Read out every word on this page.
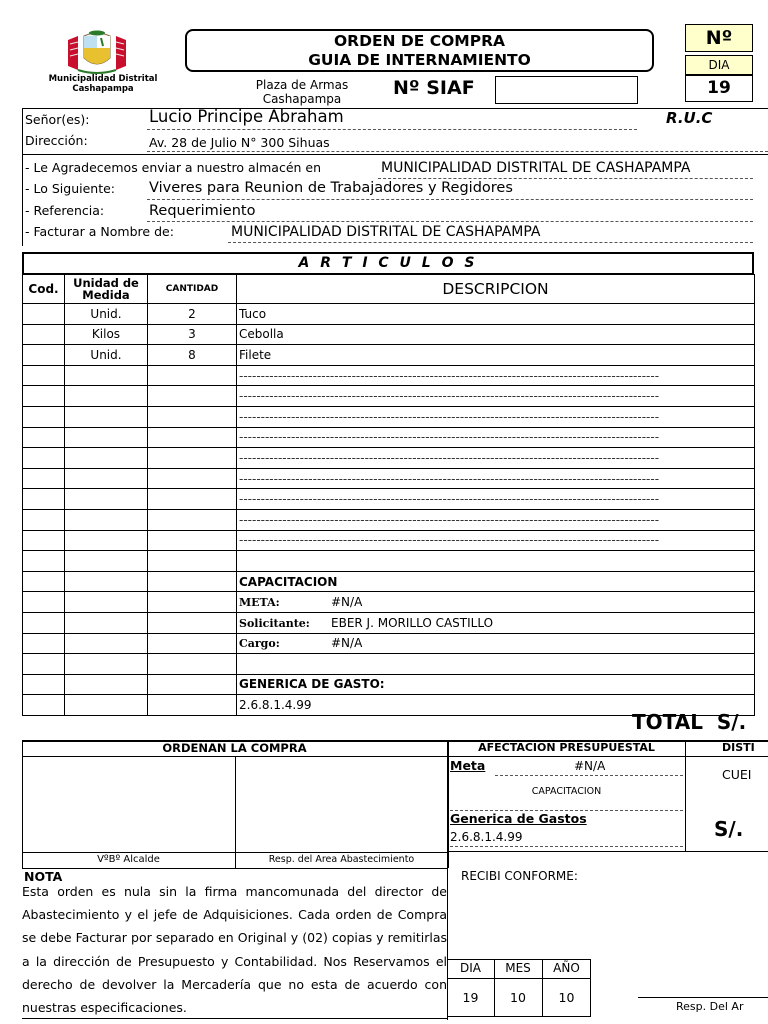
Municipalidad Distrital
Cashapampa
ORDEN DE COMPRA
GUIA DE INTERNAMIENTO
Plaza de Armas
Cashapampa	Nº SIAF
Nº
DIA
19
Señor(es):	Lucio Principe Abraham	R.U.C
Dirección:	Av. 28 de Julio N° 300 Sihuas
- Le Agradecemos enviar a nuestro almacén en	MUNICIPALIDAD DISTRITAL DE CASHAPAMPA
- Lo Siguiente: Viveres para Reunion de Trabajadores y Regidores
- Referencia:	Requerimiento
- Facturar a Nombre de:	MUNICIPALIDAD DISTRITAL DE CASHAPAMPA
A R T I C U L O S
Cod.	Unidad de Medida	CANTIDAD	DESCRIPCION
	Unid.	2	Tuco
	Kilos	3	Cebolla
	Unid.	8	Filete
			-------------------------------------------------------------------------------------------------
			-------------------------------------------------------------------------------------------------
			-------------------------------------------------------------------------------------------------
			-------------------------------------------------------------------------------------------------
			-------------------------------------------------------------------------------------------------
			-------------------------------------------------------------------------------------------------
			-------------------------------------------------------------------------------------------------
			-------------------------------------------------------------------------------------------------
			-------------------------------------------------------------------------------------------------

			CAPACITACION
			META: #N/A
			Solicitante: EBER J. MORILLO CASTILLO
			Cargo: #N/A

			GENERICA DE GASTO:
			2.6.8.1.4.99
TOTAL  S/.
ORDENAN LA COMPRA	AFECTACION PRESUPUESTAL	DISTI
VºBº Alcalde	Resp. del Area Abastecimiento
Meta	#N/A
CAPACITACION
Generica de Gastos
2.6.8.1.4.99
CUEI
S/.
NOTA
Esta orden es nula sin la firma mancomunada del director de Abastecimiento y el jefe de Adquisiciones. Cada orden de Compra se debe Facturar por separado en Original y (02) copias y remitirlas a la dirección de Presupuesto y Contabilidad. Nos Reservamos el derecho de devolver la Mercadería que no esta de acuerdo con nuestras especificaciones.
RECIBI CONFORME:
DIA	MES	AÑO
19	10	10
Resp. Del Ar
